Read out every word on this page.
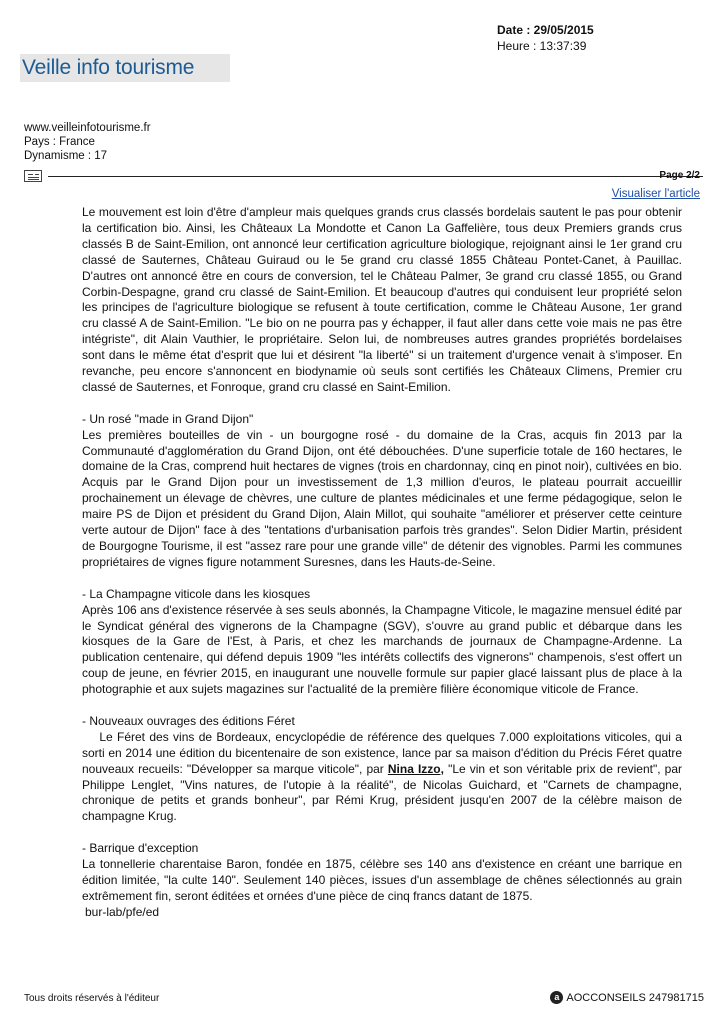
Date : 29/05/2015
Heure : 13:37:39
Veille info tourisme
www.veilleinfotourisme.fr
Pays : France
Dynamisme : 17
Page 2/2
Visualiser l'article

Le mouvement est loin d'être d'ampleur mais quelques grands crus classés bordelais sautent le pas pour obtenir la certification bio. Ainsi, les Châteaux La Mondotte et Canon La Gaffelière, tous deux Premiers grands crus classés B de Saint-Emilion, ont annoncé leur certification agriculture biologique, rejoignant ainsi le 1er grand cru classé de Sauternes, Château Guiraud ou le 5e grand cru classé 1855 Château Pontet-Canet, à Pauillac. D'autres ont annoncé être en cours de conversion, tel le Château Palmer, 3e grand cru classé 1855, ou Grand Corbin-Despagne, grand cru classé de Saint-Emilion. Et beaucoup d'autres qui conduisent leur propriété selon les principes de l'agriculture biologique se refusent à toute certification, comme le Château Ausone, 1er grand cru classé A de Saint-Emilion. "Le bio on ne pourra pas y échapper, il faut aller dans cette voie mais ne pas être intégriste", dit Alain Vauthier, le propriétaire. Selon lui, de nombreuses autres grandes propriétés bordelaises sont dans le même état d'esprit que lui et désirent "la liberté" si un traitement d'urgence venait à s'imposer. En revanche, peu encore s'annoncent en biodynamie où seuls sont certifiés les Châteaux Climens, Premier cru classé de Sauternes, et Fonroque, grand cru classé en Saint-Emilion.

- Un rosé "made in Grand Dijon"
Les premières bouteilles de vin - un bourgogne rosé - du domaine de la Cras, acquis fin 2013 par la Communauté d'agglomération du Grand Dijon, ont été débouchées. D'une superficie totale de 160 hectares, le domaine de la Cras, comprend huit hectares de vignes (trois en chardonnay, cinq en pinot noir), cultivées en bio. Acquis par le Grand Dijon pour un investissement de 1,3 million d'euros, le plateau pourrait accueillir prochainement un élevage de chèvres, une culture de plantes médicinales et une ferme pédagogique, selon le maire PS de Dijon et président du Grand Dijon, Alain Millot, qui souhaite "améliorer et préserver cette ceinture verte autour de Dijon" face à des "tentations d'urbanisation parfois très grandes". Selon Didier Martin, président de Bourgogne Tourisme, il est "assez rare pour une grande ville" de détenir des vignobles. Parmi les communes propriétaires de vignes figure notamment Suresnes, dans les Hauts-de-Seine.

- La Champagne viticole dans les kiosques
Après 106 ans d'existence réservée à ses seuls abonnés, la Champagne Viticole, le magazine mensuel édité par le Syndicat général des vignerons de la Champagne (SGV), s'ouvre au grand public et débarque dans les kiosques de la Gare de l'Est, à Paris, et chez les marchands de journaux de Champagne-Ardenne. La publication centenaire, qui défend depuis 1909 "les intérêts collectifs des vignerons" champenois, s'est offert un coup de jeune, en février 2015, en inaugurant une nouvelle formule sur papier glacé laissant plus de place à la photographie et aux sujets magazines sur l'actualité de la première filière économique viticole de France.

- Nouveaux ouvrages des éditions Féret
Le Féret des vins de Bordeaux, encyclopédie de référence des quelques 7.000 exploitations viticoles, qui a sorti en 2014 une édition du bicentenaire de son existence, lance par sa maison d'édition du Précis Féret quatre nouveaux recueils: "Développer sa marque viticole", par Nina Izzo, "Le vin et son véritable prix de revient", par Philippe Lenglet, "Vins natures, de l'utopie à la réalité", de Nicolas Guichard, et "Carnets de champagne, chronique de petits et grands bonheur", par Rémi Krug, président jusqu'en 2007 de la célèbre maison de champagne Krug.

- Barrique d'exception
La tonnellerie charentaise Baron, fondée en 1875, célèbre ses 140 ans d'existence en créant une barrique en édition limitée, "la culte 140". Seulement 140 pièces, issues d'un assemblage de chênes sélectionnés au grain extrêmement fin, seront éditées et ornées d'une pièce de cinq francs datant de 1875.
bur-lab/pfe/ed

Tous droits réservés à l'éditeur	a AOCCONSEILS 247981715
